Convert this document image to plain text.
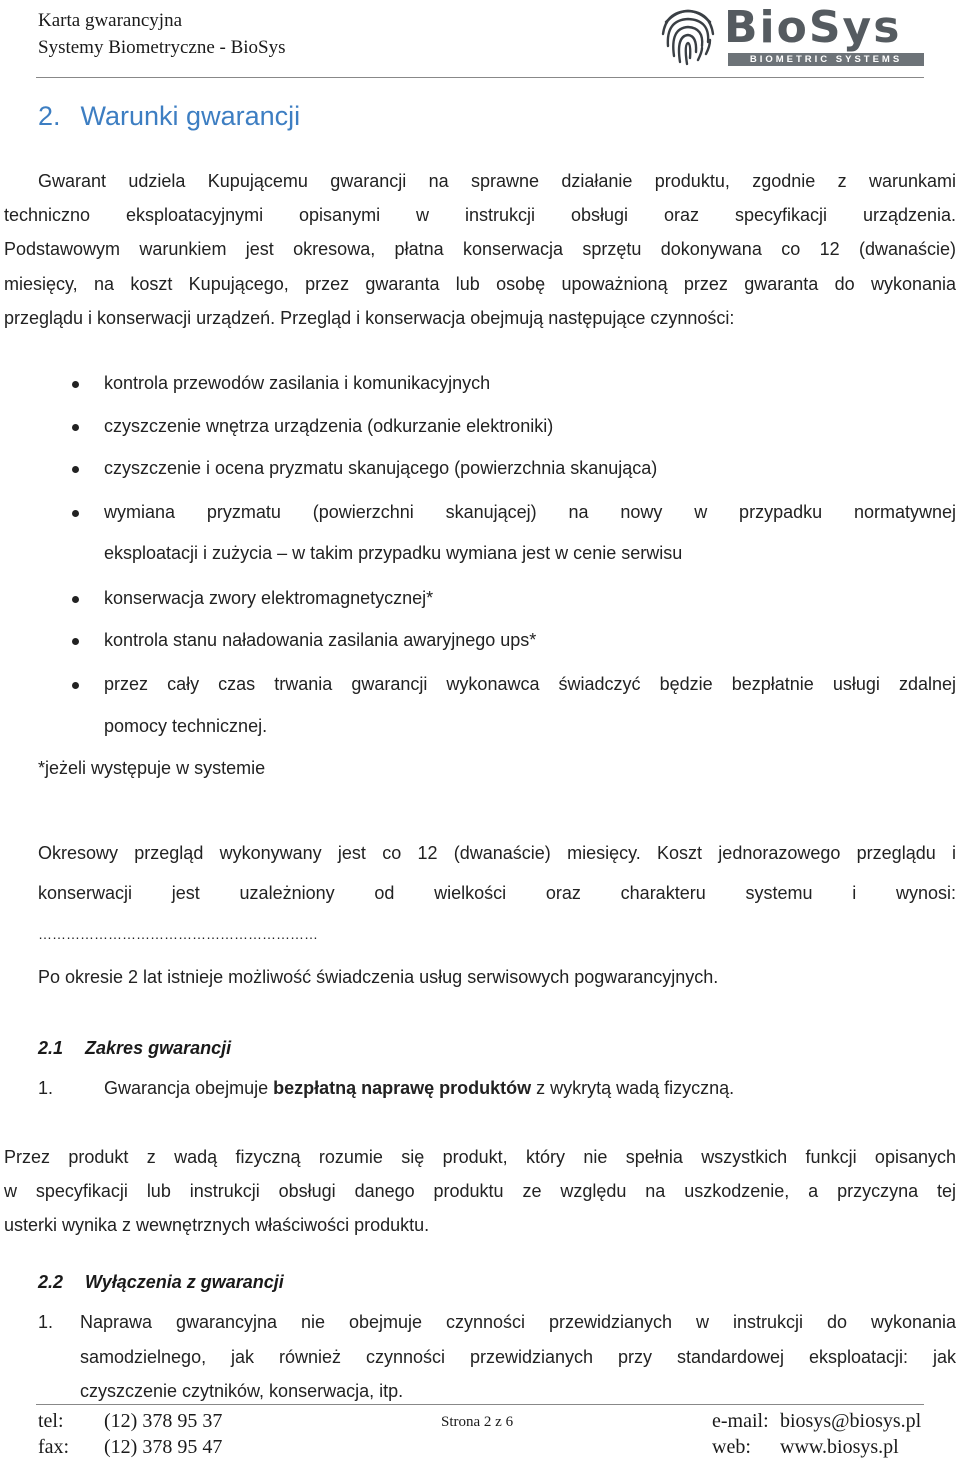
Karta gwarancyjna
Systemy Biometryczne - BioSys	BioSys
BIOMETRIC SYSTEMS
2. Warunki gwarancji
Gwarant udziela Kupującemu gwarancji na sprawne działanie produktu, zgodnie z warunkami
techniczno eksploatacyjnymi opisanymi w instrukcji obsługi oraz specyfikacji urządzenia.
Podstawowym warunkiem jest okresowa, płatna konserwacja sprzętu dokonywana co 12 (dwanaście)
miesięcy, na koszt Kupującego, przez gwaranta lub osobę upoważnioną przez gwaranta do wykonania
przeglądu i konserwacji urządzeń. Przegląd i konserwacja obejmują następujące czynności:
kontrola przewodów zasilania i komunikacyjnych
czyszczenie wnętrza urządzenia (odkurzanie elektroniki)
czyszczenie i ocena pryzmatu skanującego (powierzchnia skanująca)
wymiana pryzmatu (powierzchni skanującej) na nowy w przypadku normatywnej
eksploatacji i zużycia – w takim przypadku wymiana jest w cenie serwisu
konserwacja zwory elektromagnetycznej*
kontrola stanu naładowania zasilania awaryjnego ups*
przez cały czas trwania gwarancji wykonawca świadczyć będzie bezpłatnie usługi zdalnej
pomocy technicznej.
*jeżeli występuje w systemie
Okresowy przegląd wykonywany jest co 12 (dwanaście) miesięcy. Koszt jednorazowego przeglądu i
konserwacji jest uzależniony od wielkości oraz charakteru systemu i wynosi:
……………………………………………………
Po okresie 2 lat istnieje możliwość świadczenia usług serwisowych pogwarancyjnych.
2.1 Zakres gwarancji
1.	Gwarancja obejmuje bezpłatną naprawę produktów z wykrytą wadą fizyczną.
Przez produkt z wadą fizyczną rozumie się produkt, który nie spełnia wszystkich funkcji opisanych
w specyfikacji lub instrukcji obsługi danego produktu ze względu na uszkodzenie, a przyczyna tej
usterki wynika z wewnętrznych właściwości produktu.
2.2 Wyłączenia z gwarancji
1. Naprawa gwarancyjna nie obejmuje czynności przewidzianych w instrukcji do wykonania
samodzielnego, jak również czynności przewidzianych przy standardowej eksploatacji: jak
czyszczenie czytników, konserwacja, itp.
tel: (12) 378 95 37
fax: (12) 378 95 47
Strona 2 z 6	e-mail: biosys@biosys.pl
web: www.biosys.pl
